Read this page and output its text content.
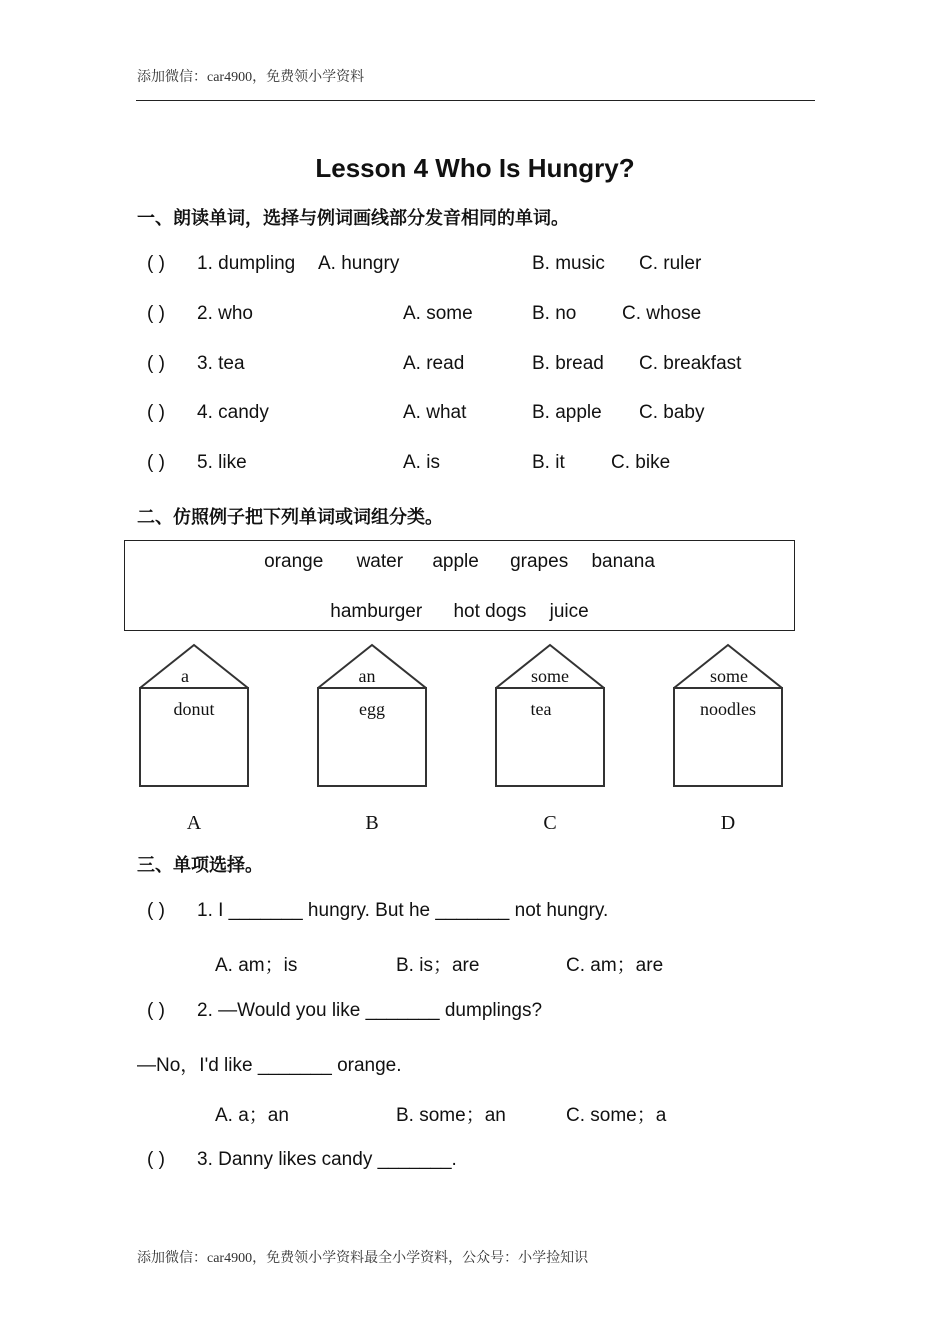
添加微信：car4900，免费领小学资料
Lesson 4 Who Is Hungry?
一、朗读单词，选择与例词画线部分发音相同的单词。
( ) 1. dumpling A. hungry	B. music C. ruler
( ) 2. who	A. some	B. no C. whose
( ) 3. tea	A. read	B. bread C. breakfast
( ) 4. candy	A. what	B. apple C. baby
( ) 5. like	A. is	B. it C. bike
二、仿照例子把下列单词或词组分类。
orange water apple grapes banana
hamburger hot dogs juice
a
donut
A
an
egg
B
some
tea
C
some
noodles
D
三、单项选择。
( ) 1. I _______ hungry. But he _______ not hungry.
A. am；is	B. is；are	C. am；are
( ) 2. —Would you like _______ dumplings?
—No，I'd like _______ orange.
A. a；an	B. some；an	C. some；a
( ) 3. Danny likes candy _______.
添加微信：car4900，免费领小学资料最全小学资料，公众号：小学捡知识
